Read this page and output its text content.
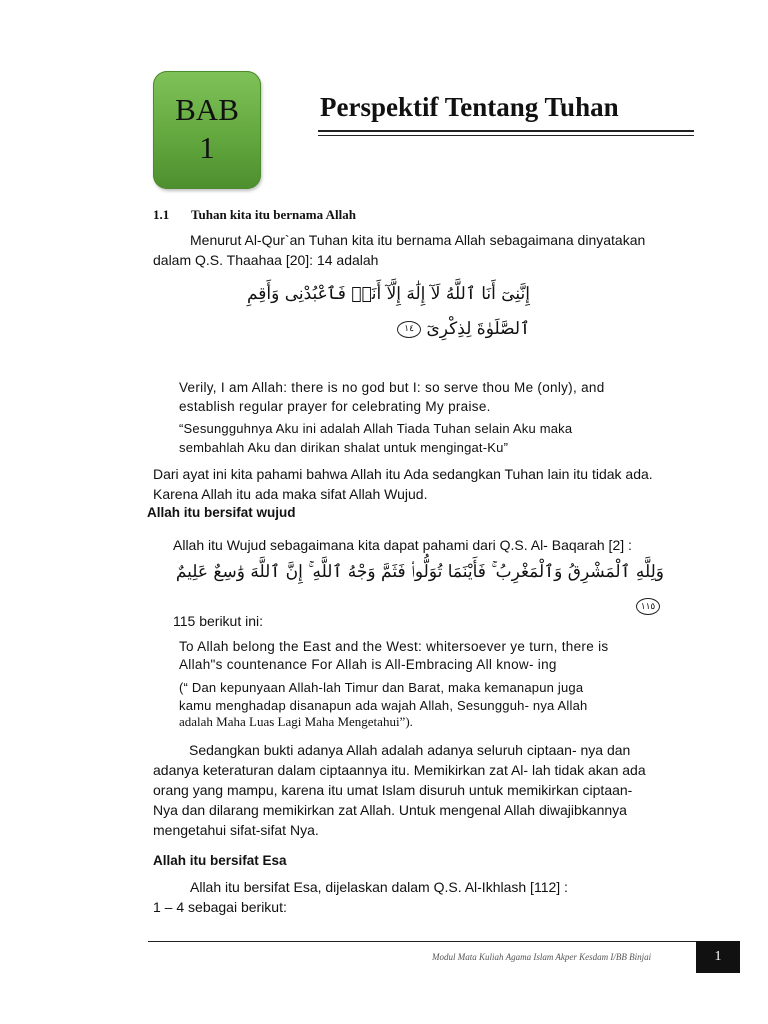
BAB
1
Perspektif Tentang Tuhan
1.1 Tuhan kita itu bernama Allah
Menurut Al-Qur`an Tuhan kita itu bernama Allah sebagaimana dinyatakan
dalam Q.S. Thaahaa [20]: 14 adalah
إِنَّنِىٓ أَنَا ٱللَّهُ لَآ إِلَٰهَ إِلَّآ أَنَا۠ فَٱعْبُدْنِى وَأَقِمِ
ٱلصَّلَوٰةَ لِذِكْرِىٓ ١٤
Verily, I am Allah: there is no god but I: so serve thou Me (only), and
establish regular prayer for celebrating My praise.
“Sesungguhnya Aku ini adalah Allah Tiada Tuhan selain Aku maka
sembahlah Aku dan dirikan shalat untuk mengingat-Ku”
Dari ayat ini kita pahami bahwa Allah itu Ada sedangkan Tuhan lain itu tidak ada.
Karena Allah itu ada maka sifat Allah Wujud.
Allah itu bersifat wujud
Allah itu Wujud sebagaimana kita dapat pahami dari Q.S. Al- Baqarah [2] :
وَلِلَّهِ ٱلْمَشْرِقُ وَٱلْمَغْرِبُ ۚ فَأَيْنَمَا تُوَلُّوا۟ فَثَمَّ وَجْهُ ٱللَّهِ ۚ إِنَّ ٱللَّهَ وَٰسِعٌ عَلِيمٌ
١١٥
115 berikut ini:
To Allah belong the East and the West: whitersoever ye turn, there is
Allah"s countenance For Allah is All-Embracing All know- ing
(“ Dan kepunyaan Allah-lah Timur dan Barat, maka kemanapun juga
kamu menghadap disanapun ada wajah Allah, Sesungguh- nya Allah
adalah Maha Luas Lagi Maha Mengetahui”).
Sedangkan bukti adanya Allah adalah adanya seluruh ciptaan- nya dan
adanya keteraturan dalam ciptaannya itu. Memikirkan zat Al- lah tidak akan ada
orang yang mampu, karena itu umat Islam disuruh untuk memikirkan ciptaan-
Nya dan dilarang memikirkan zat Allah. Untuk mengenal Allah diwajibkannya
mengetahui sifat-sifat Nya.
Allah itu bersifat Esa
Allah itu bersifat Esa, dijelaskan dalam Q.S. Al-Ikhlash [112] :
1 – 4 sebagai berikut:
Modul Mata Kuliah Agama Islam Akper Kesdam I/BB Binjai	1
